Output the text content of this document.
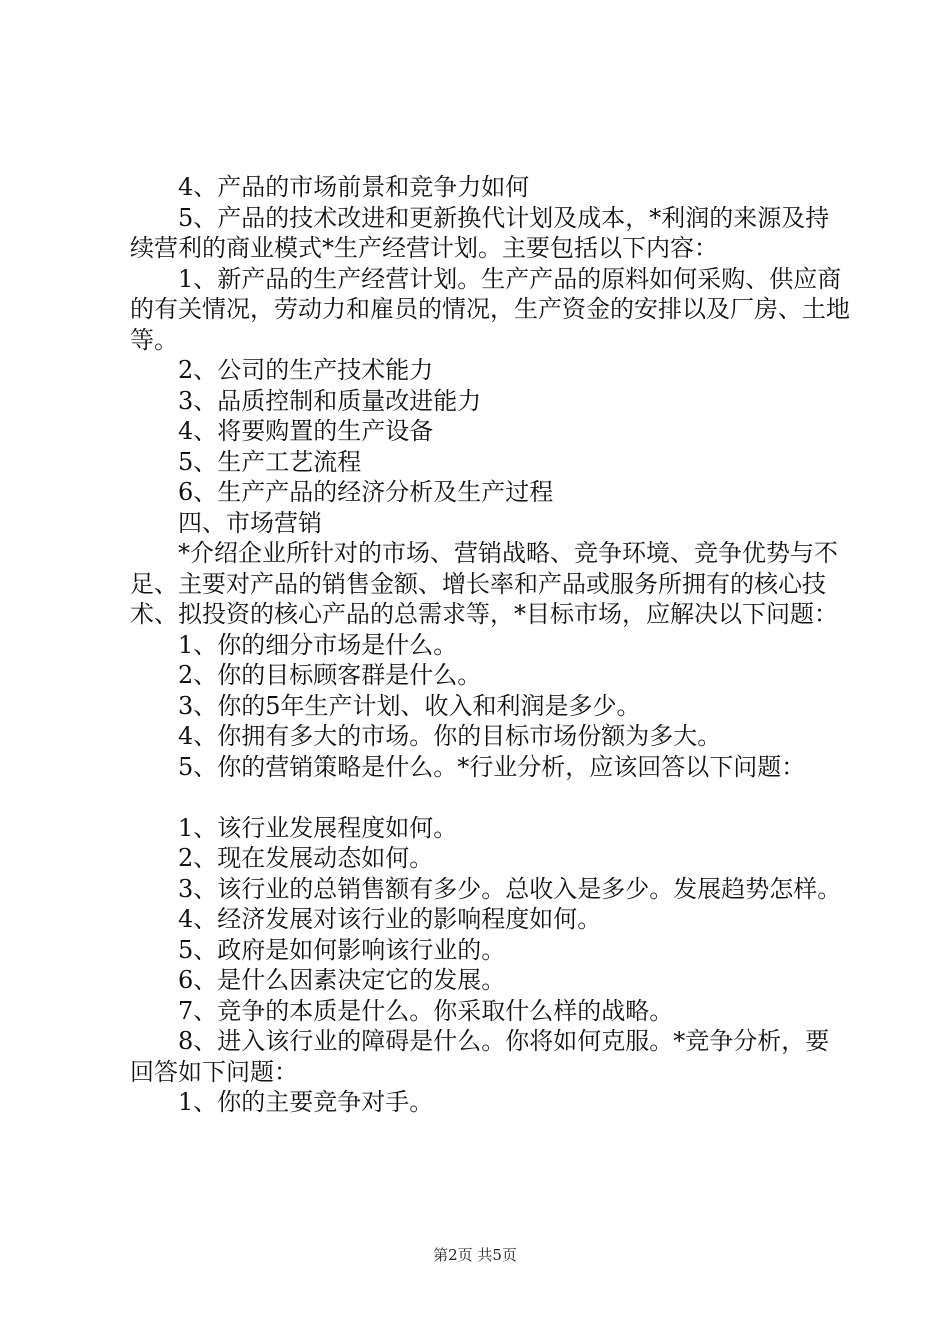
4、产品的市场前景和竞争力如何

5、产品的技术改进和更新换代计划及成本，*利润的来源及持续营利的商业模式*生产经营计划。主要包括以下内容：

1、新产品的生产经营计划。生产产品的原料如何采购、供应商的有关情况，劳动力和雇员的情况，生产资金的安排以及厂房、土地等。

2、公司的生产技术能力

3、品质控制和质量改进能力

4、将要购置的生产设备

5、生产工艺流程

6、生产产品的经济分析及生产过程

四、市场营销

*介绍企业所针对的市场、营销战略、竞争环境、竞争优势与不足、主要对产品的销售金额、增长率和产品或服务所拥有的核心技术、拟投资的核心产品的总需求等，*目标市场，应解决以下问题：

1、你的细分市场是什么。

2、你的目标顾客群是什么。

3、你的5年生产计划、收入和利润是多少。

4、你拥有多大的市场。你的目标市场份额为多大。

5、你的营销策略是什么。*行业分析，应该回答以下问题：

1、该行业发展程度如何。

2、现在发展动态如何。

3、该行业的总销售额有多少。总收入是多少。发展趋势怎样。

4、经济发展对该行业的影响程度如何。

5、政府是如何影响该行业的。

6、是什么因素决定它的发展。

7、竞争的本质是什么。你采取什么样的战略。

8、进入该行业的障碍是什么。你将如何克服。*竞争分析，要回答如下问题：

1、你的主要竞争对手。

第2页 共5页
